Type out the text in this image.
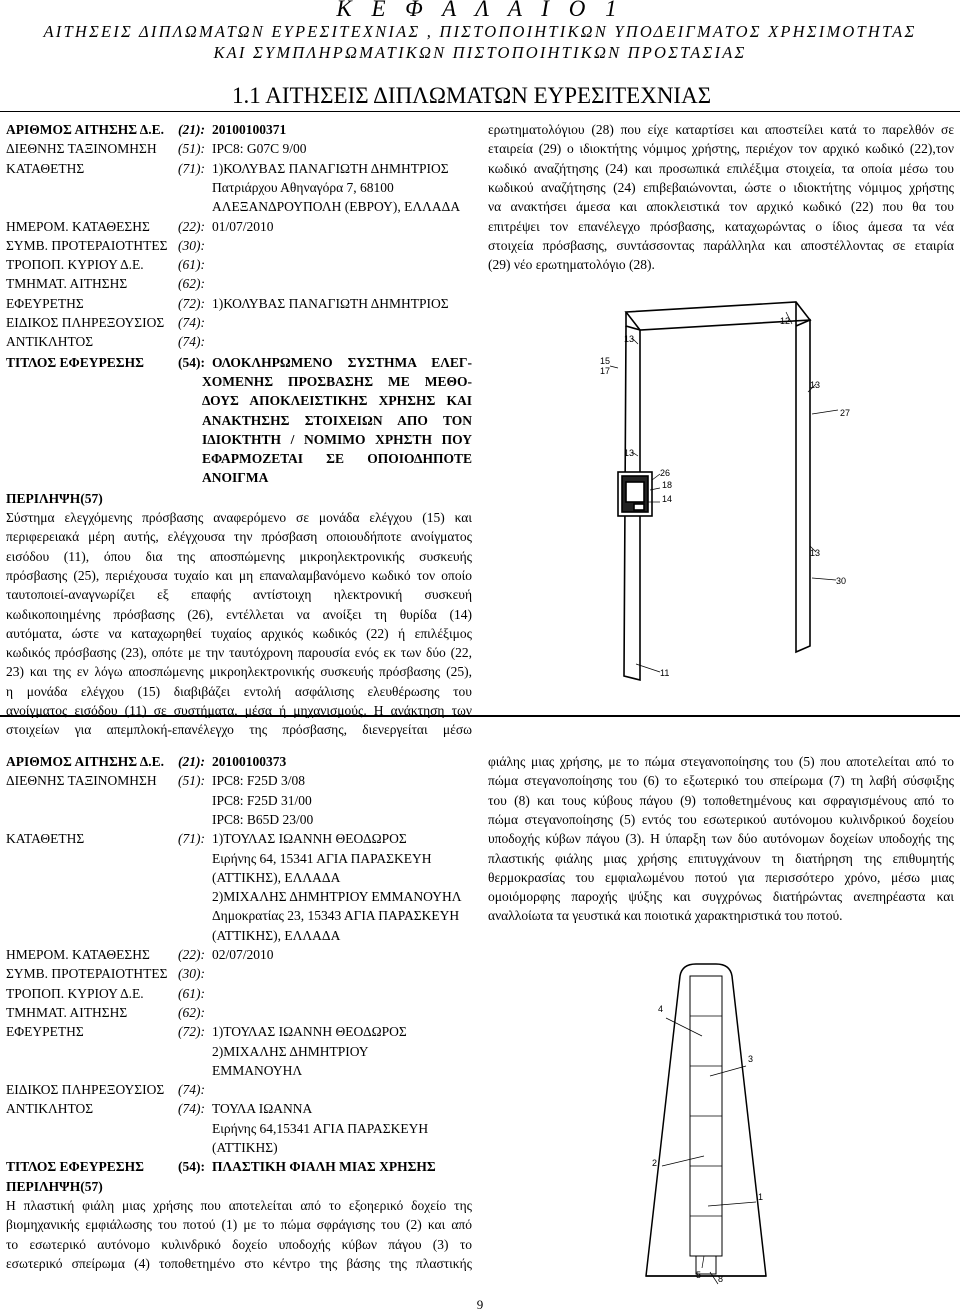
Κ Ε Φ Α Λ Α Ι Ο 1
ΑΙΤΗΣΕΙΣ ΔΙΠΛΩΜΑΤΩΝ ΕΥΡΕΣΙΤΕΧΝΙΑΣ , ΠΙΣΤΟΠΟΙΗΤΙΚΩΝ ΥΠΟΔΕΙΓΜΑΤΟΣ ΧΡΗΣΙΜΟΤΗΤΑΣ
ΚΑΙ ΣΥΜΠΛΗΡΩΜΑΤΙΚΩΝ ΠΙΣΤΟΠΟΙΗΤΙΚΩΝ ΠΡΟΣΤΑΣΙΑΣ
1.1 ΑΙΤΗΣΕΙΣ ΔΙΠΛΩΜΑΤΩΝ ΕΥΡΕΣΙΤΕΧΝΙΑΣ
ΑΡΙΘΜΟΣ ΑΙΤΗΣΗΣ Δ.Ε. (21): 20100100371
ΔΙΕΘΝΗΣ ΤΑΞΙΝΟΜΗΣΗ (51): IPC8: G07C 9/00
ΚΑΤΑΘΕΤΗΣ	(71): 1)ΚΟΛΥΒΑΣ ΠΑΝΑΓΙΩΤΗ ΔΗΜΗΤΡΙΟΣ
Πατριάρχου Αθηναγόρα 7, 68100
ΑΛΕΞΑΝΔΡΟΥΠΟΛΗ (ΕΒΡΟΥ), ΕΛΛΑΔΑ
ΗΜΕΡΟΜ. ΚΑΤΑΘΕΣΗΣ (22): 01/07/2010
ΣΥΜΒ. ΠΡΟΤΕΡΑΙΟΤΗΤΕΣ (30):
ΤΡΟΠΟΠ. ΚΥΡΙΟΥ Δ.Ε.	(61):
ΤΜΗΜΑΤ. ΑΙΤΗΣΗΣ	(62):
ΕΦΕΥΡΕΤΗΣ	(72): 1)ΚΟΛΥΒΑΣ ΠΑΝΑΓΙΩΤΗ ΔΗΜΗΤΡΙΟΣ
ΕΙΔΙΚΟΣ ΠΛΗΡΕΞΟΥΣΙΟΣ (74):
ΑΝΤΙΚΛΗΤΟΣ	(74):
ΤΙΤΛΟΣ ΕΦΕΥΡΕΣΗΣ	(54): ΟΛΟΚΛΗΡΩΜΕΝΟ ΣΥΣΤΗΜΑ ΕΛΕΓ-
ΧΟΜΕΝΗΣ ΠΡΟΣΒΑΣΗΣ ΜΕ ΜΕΘΟ-
ΔΟΥΣ ΑΠΟΚΛΕΙΣΤΙΚΗΣ ΧΡΗΣΗΣ ΚΑΙ
ΑΝΑΚΤΗΣΗΣ ΣΤΟΙΧΕΙΩΝ ΑΠΟ ΤΟΝ
ΙΔΙΟΚΤΗΤΗ / ΝΟΜΙΜΟ ΧΡΗΣΤΗ ΠΟΥ
ΕΦΑΡΜΟΖΕΤΑΙ ΣΕ ΟΠΟΙΟΔΗΠΟΤΕ
ΑΝΟΙΓΜΑ
ΠΕΡΙΛΗΨΗ(57)
Σύστημα ελεγχόμενης πρόσβασης αναφερόμενο σε μονάδα ελέγχου (15) και
περιφερειακά μέρη αυτής, ελέγχουσα την πρόσβαση οποιουδήποτε ανοίγματος
εισόδου (11), όπου δια της αποσπώμενης μικροηλεκτρονικής συσκευής
πρόσβασης (25), περιέχουσα τυχαίο και μη επαναλαμβανόμενο κωδικό τον οποίο
ταυτοποιεί-αναγνωρίζει εξ επαφής αντίστοιχη ηλεκτρονική συσκευή
κωδικοποιημένης πρόσβασης (26), εντέλλεται να ανοίξει τη θυρίδα (14)
αυτόματα, ώστε να καταχωρηθεί τυχαίος αρχικός κωδικός (22) ή επιλέξιμος
κωδικός πρόσβασης (23), οπότε με την ταυτόχρονη παρουσία ενός εκ των δύο (22,
23) και της εν λόγω αποσπώμενης μικροηλεκτρονικής συσκευής πρόσβασης (25),
η μονάδα ελέγχου (15) διαβιβάζει εντολή ασφάλισης ελευθέρωσης του
ανοίγματος εισόδου (11) σε συστήματα, μέσα ή μηχανισμούς. Η ανάκτηση των
στοιχείων για απεμπλοκή-επανέλεγχο της πρόσβασης, διενεργείται μέσω
ερωτηματολόγιου (28) που είχε καταρτίσει και αποστείλει κατά το παρελθόν σε
εταιρεία (29) ο ιδιοκτήτης νόμιμος χρήστης, περιέχον τον αρχικό κωδικό (22),τον
κωδικό αναζήτησης (24) και προσωπικά επιλέξιμα στοιχεία, τα οποία μέσω του
κωδικού αναζήτησης (24) επιβεβαιώνονται, ώστε ο ιδιοκτήτης νόμιμος χρήστης
να ανακτήσει άμεσα και αποκλειστικά τον αρχικό κωδικό (22) που θα του
επιτρέψει τον επανέλεγχο πρόσβασης, καταχωρώντας ο ίδιος άμεσα τα νέα
στοιχεία πρόσβασης, συντάσσοντας παράλληλα και αποστέλλοντας σε εταιρία
(29) νέο ερωτηματολόγιο (28).
12
13
15
17
13
27
13
26
18
14
13
30
11
ΑΡΙΘΜΟΣ ΑΙΤΗΣΗΣ Δ.Ε. (21): 20100100373
ΔΙΕΘΝΗΣ ΤΑΞΙΝΟΜΗΣΗ (51): IPC8: F25D 3/08
IPC8: F25D 31/00
IPC8: B65D 23/00
ΚΑΤΑΘΕΤΗΣ	(71): 1)ΤΟΥΛΑΣ ΙΩΑΝΝΗ ΘΕΟΔΩΡΟΣ
Ειρήνης 64, 15341 ΑΓΙΑ ΠΑΡΑΣΚΕΥΗ
(ΑΤΤΙΚΗΣ), ΕΛΛΑΔΑ
2)ΜΙΧΑΛΗΣ ΔΗΜΗΤΡΙΟΥ ΕΜΜΑΝΟΥΗΛ
Δημοκρατίας 23, 15343 ΑΓΙΑ ΠΑΡΑΣΚΕΥΗ
(ΑΤΤΙΚΗΣ), ΕΛΛΑΔΑ
ΗΜΕΡΟΜ. ΚΑΤΑΘΕΣΗΣ (22): 02/07/2010
ΣΥΜΒ. ΠΡΟΤΕΡΑΙΟΤΗΤΕΣ (30):
ΤΡΟΠΟΠ. ΚΥΡΙΟΥ Δ.Ε.	(61):
ΤΜΗΜΑΤ. ΑΙΤΗΣΗΣ	(62):
ΕΦΕΥΡΕΤΗΣ	(72): 1)ΤΟΥΛΑΣ ΙΩΑΝΝΗ ΘΕΟΔΩΡΟΣ
2)ΜΙΧΑΛΗΣ ΔΗΜΗΤΡΙΟΥ
ΕΜΜΑΝΟΥΗΛ
ΕΙΔΙΚΟΣ ΠΛΗΡΕΞΟΥΣΙΟΣ (74):
ΑΝΤΙΚΛΗΤΟΣ	(74): ΤΟΥΛΑ ΙΩΑΝΝΑ
Ειρήνης 64,15341 ΑΓΙΑ ΠΑΡΑΣΚΕΥΗ
(ΑΤΤΙΚΗΣ)
ΤΙΤΛΟΣ ΕΦΕΥΡΕΣΗΣ	(54): ΠΛΑΣΤΙΚΗ ΦΙΑΛΗ ΜΙΑΣ ΧΡΗΣΗΣ
ΠΕΡΙΛΗΨΗ(57)
Η πλαστική φιάλη μιας χρήσης που αποτελείται από το εξοηερικό δοχείο της
βιομηχανικής εμφιάλωσης του ποτού (1) με το πώμα σφράγισης του (2) και από
το εσωτερικό αυτόνομο κυλινδρικό δοχείο υποδοχής κύβων πάγου (3) το
εσωτερικό σπείρωμα (4) τοποθετημένο στο κέντρο της βάσης της πλαστικής
φιάλης μιας χρήσης, με το πώμα στεγανοποίησης του (5) που αποτελείται από το
πώμα στεγανοποίησης του (6) το εξωτερικό του σπείρωμα (7) τη λαβή σύσφιξης
του (8) και τους κύβους πάγου (9) τοποθετημένους και σφραγισμένους από το
πώμα στεγανοποίησης (5) εντός του εσωτερικού αυτόνομου κυλινδρικού δοχείου
υποδοχής κύβων πάγου (3). Η ύπαρξη των δύο αυτόνομων δοχείων υποδοχής της
πλαστικής φιάλης μιας χρήσης επιτυγχάνουν τη διατήρηση της επιθυμητής
θερμοκρασίας του εμφιαλωμένου ποτού για περισσότερο χρόνο, μέσω μιας
ομοιόμορφης παροχής ψύξης και συγχρόνως διατήρώντας ανεπηρέαστα και
αναλλοίωτα τα γευστικά και ποιοτικά χαρακτηριστικά του ποτού.
4
3
2
1
5 8
9
